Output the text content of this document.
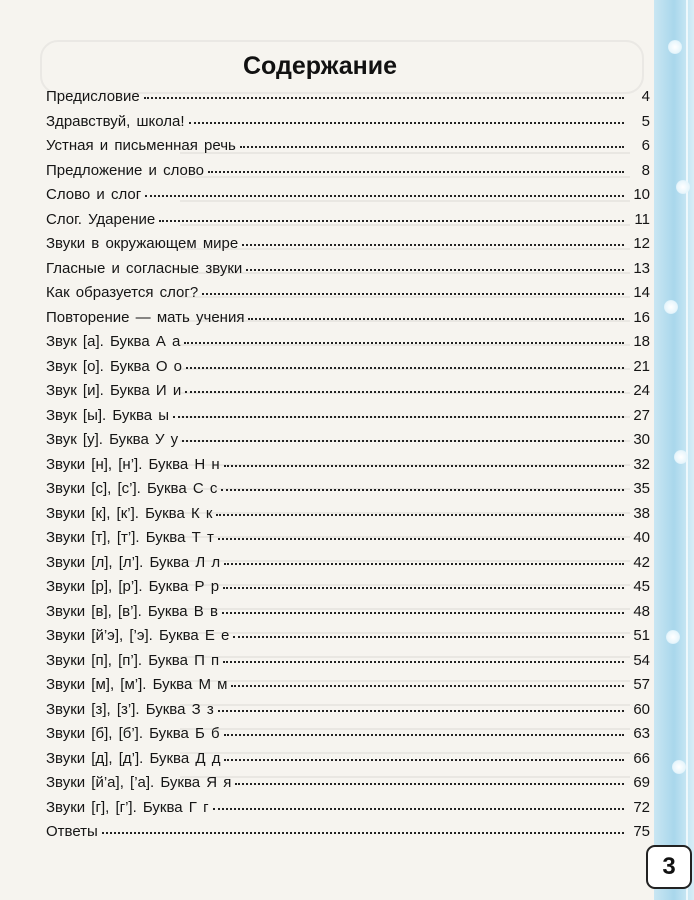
Содержание
Предисловие	4
Здравствуй, школа!	5
Устная и письменная речь	6
Предложение и слово	8
Слово и слог	10
Слог. Ударение	11
Звуки в окружающем мире	12
Гласные и согласные звуки	13
Как образуется слог?	14
Повторение — мать учения	16
Звук [а]. Буква А а	18
Звук [о]. Буква О о	21
Звук [и]. Буква И и	24
Звук [ы]. Буква ы	27
Звук [у]. Буква У у	30
Звуки [н], [н’]. Буква Н н	32
Звуки [с], [с’]. Буква С с	35
Звуки [к], [к’]. Буква К к	38
Звуки [т], [т’]. Буква Т т	40
Звуки [л], [л’]. Буква Л л	42
Звуки [р], [р’]. Буква Р р	45
Звуки [в], [в’]. Буква В в	48
Звуки [й’э], [’э]. Буква Е е	51
Звуки [п], [п’]. Буква П п	54
Звуки [м], [м’]. Буква М м	57
Звуки [з], [з’]. Буква З з	60
Звуки [б], [б’]. Буква Б б	63
Звуки [д], [д’]. Буква Д д	66
Звуки [й’а], [’а]. Буква Я я	69
Звуки [г], [г’]. Буква Г г	72
Ответы	75
3
